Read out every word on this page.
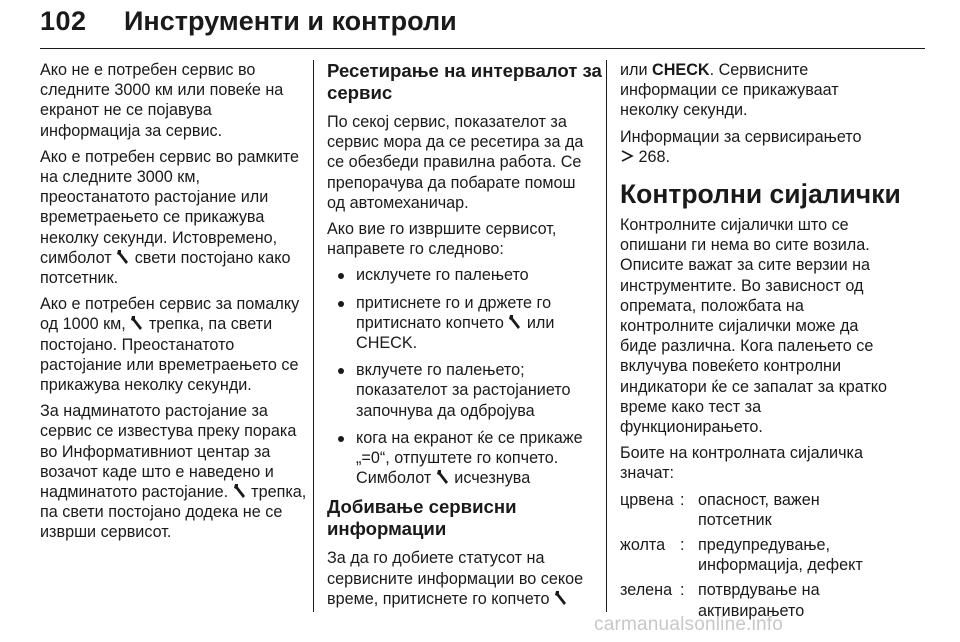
102 Инструменти и контроли

Ако не е потребен сервис во
следните 3000 км или повеќе на
екранот не се појавува
информација за сервис.

Ако е потребен сервис во рамките
на следните 3000 км,
преостанатото растојание или
времетраењето се прикажува
неколку секунди. Истовремено,
симболот свети постојано како
потсетник.

Ако е потребен сервис за помалку
од 1000 км, трепка, па свети
постојано. Преостанатото
растојание или времетраењето се
прикажува неколку секунди.

За надминатото растојание за
сервис се известува преку порака
во Информативниот центар за
возачот каде што е наведено и
надминатото растојание. трепка,
па свети постојано додека не се
изврши сервисот.

Ресетирање на интервалот за
сервис

По секој сервис, показателот за
сервис мора да се ресетира за да
се обезбеди правилна работа. Се
препорачува да побарате помош
од автомеханичар.

Ако вие го извршите сервисот,
направете го следново:

исклучете го палењето
притиснете го и држете го
притиснато копчето или
CHECK.
вклучете го палењето;
показателот за растојанието
започнува да одбројува
кога на екранот ќе се прикаже
„=0“, отпуштете го копчето.
Симболот исчезнува
Добивање сервисни
информации

За да го добиете статусот на
сервисните информации во секое
време, притиснете го копчето

или CHECK. Сервисните
информации се прикажуваат
неколку секунди.

Информации за сервисирањето
268.

Контролни сијалички

Контролните сијалички што се
опишани ги нема во сите возила.
Описите важат за сите верзии на
инструментите. Во зависност од
опремата, положбата на
контролните сијалички може да
биде различна. Кога палењето се
вклучува повеќето контролни
индикатори ќе се запалат за кратко
време како тест за
функционирањето.

Боите на контролната сијаличка
значат:

црвена	:	опасност, важен
потсетник

жолта	:	предупредување,
информација, дефект

зелена	:	потврдување на
активирањето
carmanualsonline.info
